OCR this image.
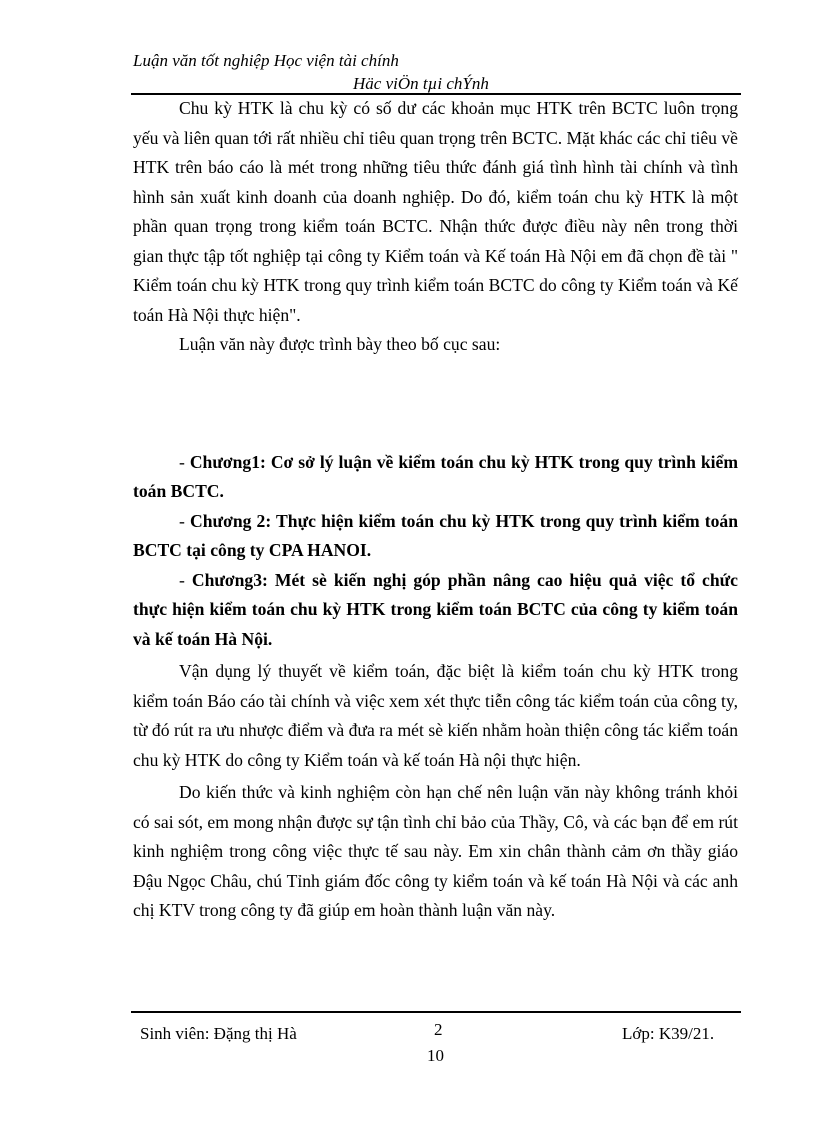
Luận văn tốt nghiệp Học viện tài chính
Häc viÖn tµi chÝnh

Chu kỳ HTK là chu kỳ có số dư các khoản mục HTK trên BCTC luôn trọng yếu và liên quan tới rất nhiều chỉ tiêu quan trọng trên BCTC. Mặt khác các chỉ tiêu về HTK trên báo cáo là mét trong những tiêu thức đánh giá tình hình tài chính và tình hình sản xuất kinh doanh của doanh nghiệp. Do đó, kiểm toán chu kỳ HTK là một phần quan trọng trong kiểm toán BCTC. Nhận thức được điều này nên trong thời gian thực tập tốt nghiệp tại công ty Kiểm toán và Kế toán Hà Nội em đã chọn đề tài " Kiểm toán chu kỳ HTK trong quy trình kiểm toán BCTC do công ty Kiểm toán và Kế toán Hà Nội thực hiện".

Luận văn này được trình bày theo bố cục sau:

- Chương1: Cơ sở lý luận về kiểm toán chu kỳ HTK trong quy trình kiểm toán BCTC.

- Chương 2: Thực hiện kiểm toán chu kỳ HTK trong quy trình kiểm toán BCTC tại công ty CPA HANOI.

- Chương3: Mét sè kiến nghị góp phần nâng cao hiệu quả việc tổ chức thực hiện kiểm toán chu kỳ HTK trong kiểm toán BCTC của công ty kiểm toán và kế toán Hà Nội.

Vận dụng lý thuyết về kiểm toán, đặc biệt là kiểm toán chu kỳ HTK trong kiểm toán Báo cáo tài chính và việc xem xét thực tiễn công tác kiểm toán của công ty, từ đó rút ra ưu nhược điểm và đưa ra mét sè kiến nhằm hoàn thiện công tác kiểm toán chu kỳ HTK do công ty Kiểm toán và kế toán Hà nội thực hiện.

Do kiến thức và kinh nghiệm còn hạn chế nên luận văn này không tránh khỏi có sai sót, em mong nhận được sự tận tình chỉ bảo của Thầy, Cô, và các bạn để em rút kinh nghiệm trong công việc thực tế sau này. Em xin chân thành cảm ơn thầy giáo Đậu Ngọc Châu, chú Tỉnh giám đốc công ty kiểm toán và kế toán Hà Nội và các anh chị KTV trong công ty đã giúp em hoàn thành luận văn này.

Sinh viên: Đặng thị Hà	2	Lớp: K39/21.
10
